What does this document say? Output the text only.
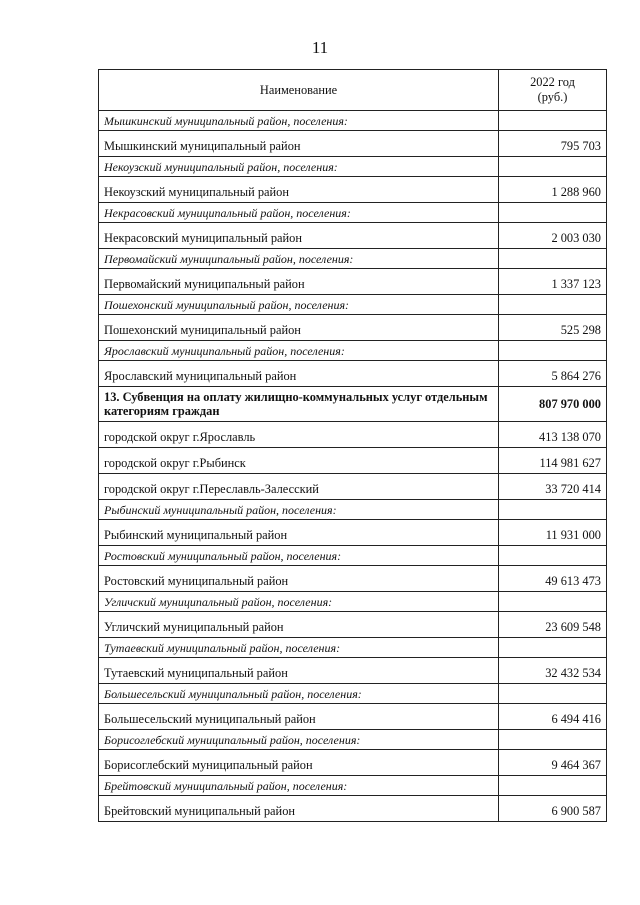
11
Наименование	2022 год
(руб.)
Мышкинский муниципальный район, поселения:	
Мышкинский муниципальный район	795 703
Некоузский муниципальный район, поселения:	
Некоузский муниципальный район	1 288 960
Некрасовский муниципальный район, поселения:	
Некрасовский муниципальный район	2 003 030
Первомайский муниципальный район, поселения:	
Первомайский муниципальный район	1 337 123
Пошехонский муниципальный район, поселения:	
Пошехонский муниципальный район	525 298
Ярославский муниципальный район, поселения:	
Ярославский муниципальный район	5 864 276
13. Субвенция на оплату жилищно-коммунальных услуг отдельным категориям граждан	807 970 000
городской округ г.Ярославль	413 138 070
городской округ г.Рыбинск	114 981 627
городской округ г.Переславль-Залесский	33 720 414
Рыбинский муниципальный район, поселения:	
Рыбинский муниципальный район	11 931 000
Ростовский муниципальный район, поселения:	
Ростовский муниципальный район	49 613 473
Угличский муниципальный район, поселения:	
Угличский муниципальный район	23 609 548
Тутаевский муниципальный район, поселения:	
Тутаевский муниципальный район	32 432 534
Большесельский муниципальный район, поселения:	
Большесельский муниципальный район	6 494 416
Борисоглебский муниципальный район, поселения:	
Борисоглебский муниципальный район	9 464 367
Брейтовский муниципальный район, поселения:	
Брейтовский муниципальный район	6 900 587
